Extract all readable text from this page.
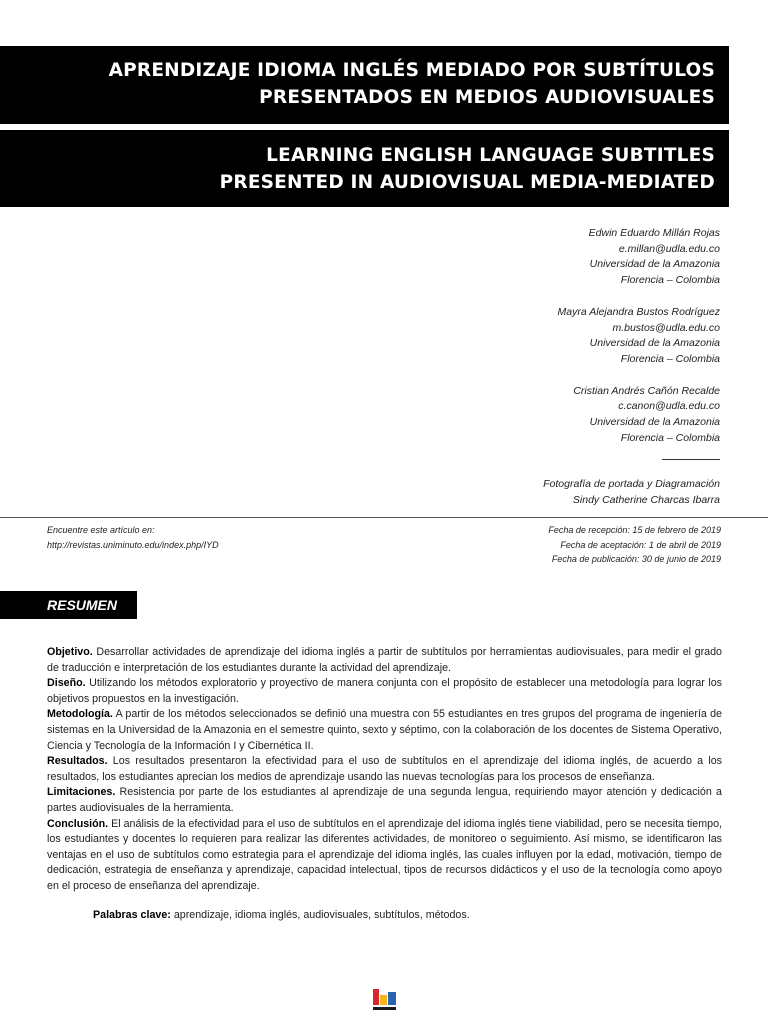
APRENDIZAJE IDIOMA INGLÉS MEDIADO POR SUBTÍTULOS
PRESENTADOS EN MEDIOS AUDIOVISUALES
LEARNING ENGLISH LANGUAGE SUBTITLES
PRESENTED IN AUDIOVISUAL MEDIA-MEDIATED
Edwin Eduardo Millán Rojas
e.millan@udla.edu.co
Universidad de la Amazonia
Florencia – Colombia
Mayra Alejandra Bustos Rodríguez
m.bustos@udla.edu.co
Universidad de la Amazonia
Florencia – Colombia
Cristian Andrés Cañón Recalde
c.canon@udla.edu.co
Universidad de la Amazonia
Florencia – Colombia
Fotografía de portada y Diagramación
Sindy Catherine Charcas Ibarra
Encuentre este artículo en:
http://revistas.uniminuto.edu/index.php/IYD
Fecha de recepción: 15 de febrero de 2019
Fecha de aceptación: 1 de abril de 2019
Fecha de publicación: 30 de junio de 2019
RESUMEN

Objetivo. Desarrollar actividades de aprendizaje del idioma inglés a partir de subtítulos por herramientas audiovisuales, para medir el grado de traducción e interpretación de los estudiantes durante la actividad del aprendizaje.

Diseño. Utilizando los métodos exploratorio y proyectivo de manera conjunta con el propósito de establecer una metodología para lograr los objetivos propuestos en la investigación.

Metodología. A partir de los métodos seleccionados se definió una muestra con 55 estudiantes en tres grupos del programa de ingeniería de sistemas en la Universidad de la Amazonia en el semestre quinto, sexto y séptimo, con la colaboración de los docentes de Sistema Operativo, Ciencia y Tecnología de la Información I y Cibernética II.

Resultados. Los resultados presentaron la efectividad para el uso de subtítulos en el aprendizaje del idioma inglés, de acuerdo a los resultados, los estudiantes aprecian los medios de aprendizaje usando las nuevas tecnologías para los procesos de enseñanza.

Limitaciones. Resistencia por parte de los estudiantes al aprendizaje de una segunda lengua, requiriendo mayor atención y dedicación a partes audiovisuales de la herramienta.

Conclusión. El análisis de la efectividad para el uso de subtítulos en el aprendizaje del idioma inglés tiene viabilidad, pero se necesita tiempo, los estudiantes y docentes lo requieren para realizar las diferentes actividades, de monitoreo o seguimiento. Así mismo, se identificaron las ventajas en el uso de subtítulos como estrategia para el aprendizaje del idioma inglés, las cuales influyen por la edad, motivación, tiempo de dedicación, estrategia de enseñanza y aprendizaje, capacidad intelectual, tipos de recursos didácticos y el uso de la tecnología como apoyo en el proceso de enseñanza del aprendizaje.

Palabras clave: aprendizaje, idioma inglés, audiovisuales, subtítulos, métodos.
